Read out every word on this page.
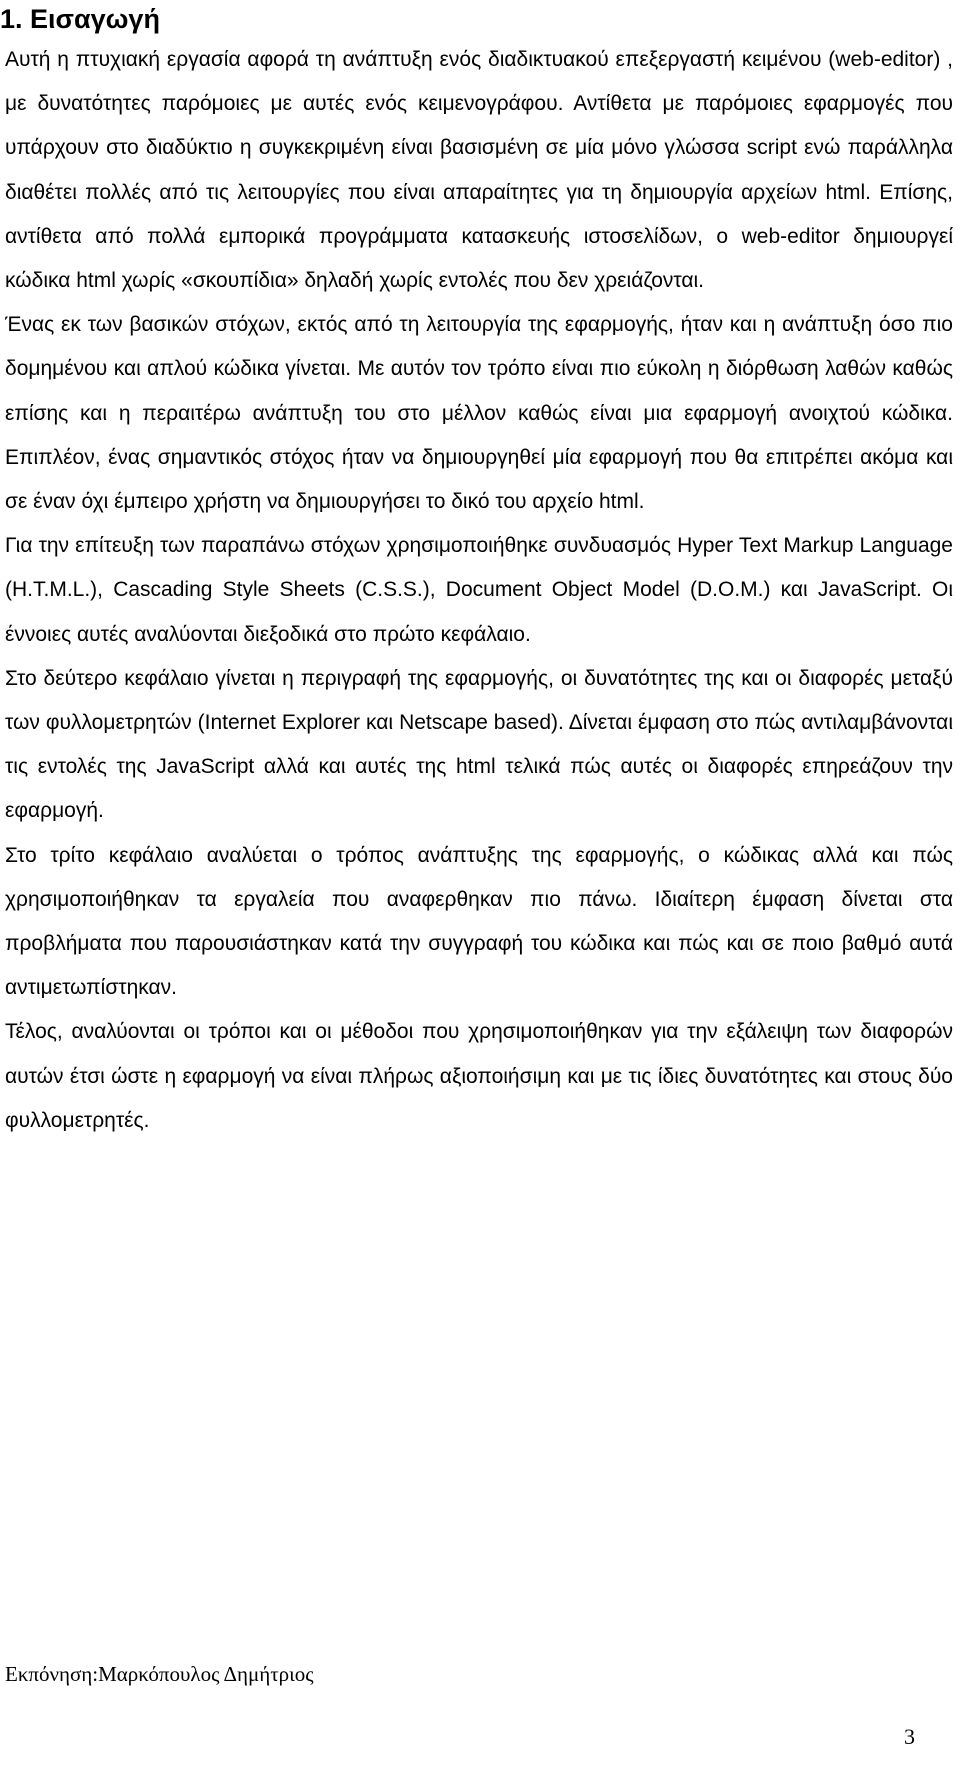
1. Εισαγωγή

Αυτή η πτυχιακή εργασία αφορά τη ανάπτυξη ενός διαδικτυακού επεξεργαστή κειμένου (web-editor) , με δυνατότητες παρόμοιες με αυτές ενός κειμενογράφου. Αντίθετα με παρόμοιες εφαρμογές που υπάρχουν στο διαδύκτιο η συγκεκριμένη είναι βασισμένη σε μία μόνο γλώσσα script ενώ παράλληλα διαθέτει πολλές από τις λειτουργίες που είναι απαραίτητες για τη δημιουργία αρχείων html. Επίσης, αντίθετα από πολλά εμπορικά προγράμματα κατασκευής ιστοσελίδων, ο web-editor δημιουργεί κώδικα html χωρίς «σκουπίδια» δηλαδή χωρίς εντολές που δεν χρειάζονται.

Ένας εκ των βασικών στόχων, εκτός από τη λειτουργία της εφαρμογής, ήταν και η ανάπτυξη όσο πιο δομημένου και απλού κώδικα γίνεται. Με αυτόν τον τρόπο είναι πιο εύκολη η διόρθωση λαθών καθώς επίσης και η περαιτέρω ανάπτυξη του στο μέλλον καθώς είναι μια εφαρμογή ανοιχτού κώδικα. Επιπλέον, ένας σημαντικός στόχος ήταν να δημιουργηθεί μία εφαρμογή που θα επιτρέπει ακόμα και σε έναν όχι έμπειρο χρήστη να δημιουργήσει το δικό του αρχείο html.

Για την επίτευξη των παραπάνω στόχων χρησιμοποιήθηκε συνδυασμός Hyper Text Markup Language (H.T.M.L.), Cascading Style Sheets (C.S.S.), Document Object Model (D.O.M.) και JavaScript. Οι έννοιες αυτές αναλύονται διεξοδικά στο πρώτο κεφάλαιο.

Στο δεύτερο κεφάλαιο γίνεται η περιγραφή της εφαρμογής, οι δυνατότητες της και οι διαφορές μεταξύ των φυλλομετρητών (Internet Explorer και Netscape based). Δίνεται έμφαση στο πώς αντιλαμβάνονται τις εντολές της JavaScript αλλά και αυτές της html τελικά πώς αυτές οι διαφορές επηρεάζουν την εφαρμογή.

Στο τρίτο κεφάλαιο αναλύεται ο τρόπος ανάπτυξης της εφαρμογής, ο κώδικας αλλά και πώς χρησιμοποιήθηκαν τα εργαλεία που αναφερθηκαν πιο πάνω. Ιδιαίτερη έμφαση δίνεται στα προβλήματα που παρουσιάστηκαν κατά την συγγραφή του κώδικα και πώς και σε ποιο βαθμό αυτά αντιμετωπίστηκαν.

Τέλος, αναλύονται οι τρόποι και οι μέθοδοι που χρησιμοποιήθηκαν για την εξάλειψη των διαφορών αυτών έτσι ώστε η εφαρμογή να είναι πλήρως αξιοποιήσιμη και με τις ίδιες δυνατότητες και στους δύο φυλλομετρητές.

Εκπόνηση:Μαρκόπουλος Δημήτριος
3
